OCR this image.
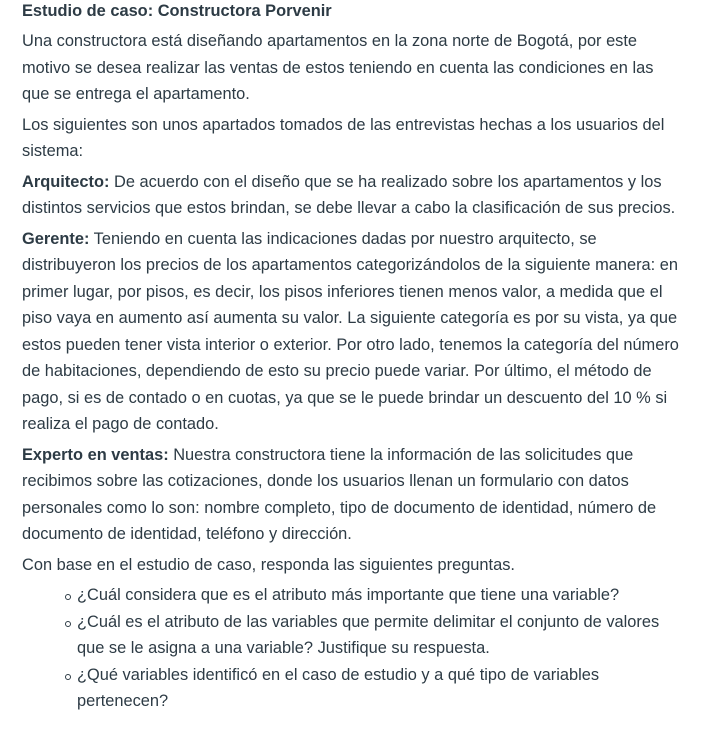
Estudio de caso: Constructora Porvenir

Una constructora está diseñando apartamentos en la zona norte de Bogotá, por este motivo se desea realizar las ventas de estos teniendo en cuenta las condiciones en las que se entrega el apartamento.

Los siguientes son unos apartados tomados de las entrevistas hechas a los usuarios del sistema:

Arquitecto: De acuerdo con el diseño que se ha realizado sobre los apartamentos y los distintos servicios que estos brindan, se debe llevar a cabo la clasificación de sus precios.

Gerente: Teniendo en cuenta las indicaciones dadas por nuestro arquitecto, se distribuyeron los precios de los apartamentos categorizándolos de la siguiente manera: en primer lugar, por pisos, es decir, los pisos inferiores tienen menos valor, a medida que el piso vaya en aumento así aumenta su valor. La siguiente categoría es por su vista, ya que estos pueden tener vista interior o exterior. Por otro lado, tenemos la categoría del número de habitaciones, dependiendo de esto su precio puede variar. Por último, el método de pago, si es de contado o en cuotas, ya que se le puede brindar un descuento del 10 % si realiza el pago de contado.

Experto en ventas: Nuestra constructora tiene la información de las solicitudes que recibimos sobre las cotizaciones, donde los usuarios llenan un formulario con datos personales como lo son: nombre completo, tipo de documento de identidad, número de documento de identidad, teléfono y dirección.

Con base en el estudio de caso, responda las siguientes preguntas.

¿Cuál considera que es el atributo más importante que tiene una variable?
¿Cuál es el atributo de las variables que permite delimitar el conjunto de valores que se le asigna a una variable? Justifique su respuesta.
¿Qué variables identificó en el caso de estudio y a qué tipo de variables pertenecen?
